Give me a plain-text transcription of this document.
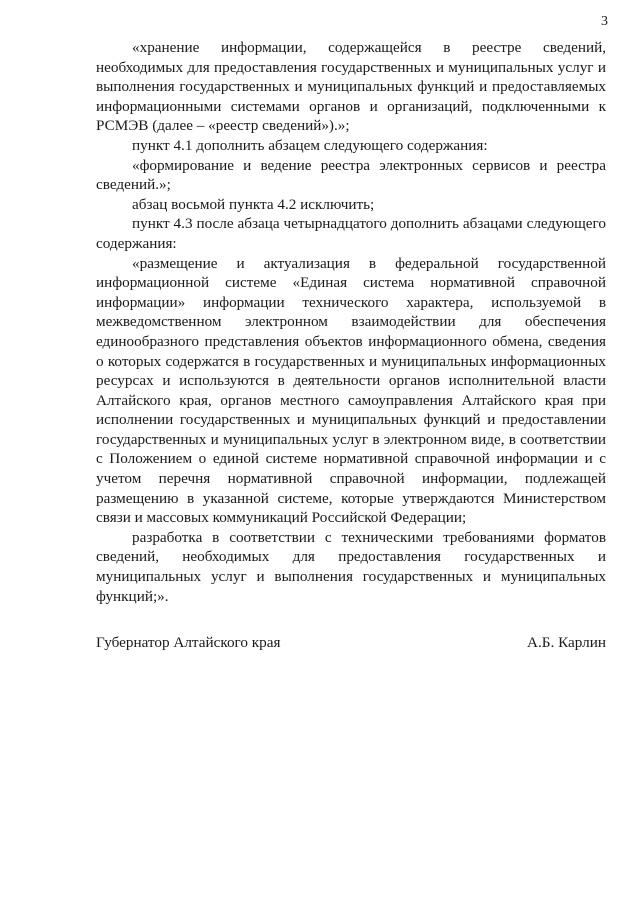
3

«хранение информации, содержащейся в реестре сведений, необходимых для предоставления государственных и муниципальных услуг и выполнения государственных и муниципальных функций и предоставляемых информационными системами органов и организаций, подключенными к РСМЭВ (далее – «реестр сведений»).»;

пункт 4.1 дополнить абзацем следующего содержания:

«формирование и ведение реестра электронных сервисов и реестра сведений.»;

абзац восьмой пункта 4.2 исключить;

пункт 4.3 после абзаца четырнадцатого дополнить абзацами следующего содержания:

«размещение и актуализация в федеральной государственной информационной системе «Единая система нормативной справочной информации» информации технического характера, используемой в межведомственном электронном взаимодействии для обеспечения единообразного представления объектов информационного обмена, сведения о которых содержатся в государственных и муниципальных информационных ресурсах и используются в деятельности органов исполнительной власти Алтайского края, органов местного самоуправления Алтайского края при исполнении государственных и муниципальных функций и предоставлении государственных и муниципальных услуг в электронном виде, в соответствии с Положением о единой системе нормативной справочной информации и с учетом перечня нормативной справочной информации, подлежащей размещению в указанной системе, которые утверждаются Министерством связи и массовых коммуникаций Российской Федерации;

разработка в соответствии с техническими требованиями форматов сведений, необходимых для предоставления государственных и муниципальных услуг и выполнения государственных и муниципальных функций;».

Губернатор Алтайского края	А.Б. Карлин
